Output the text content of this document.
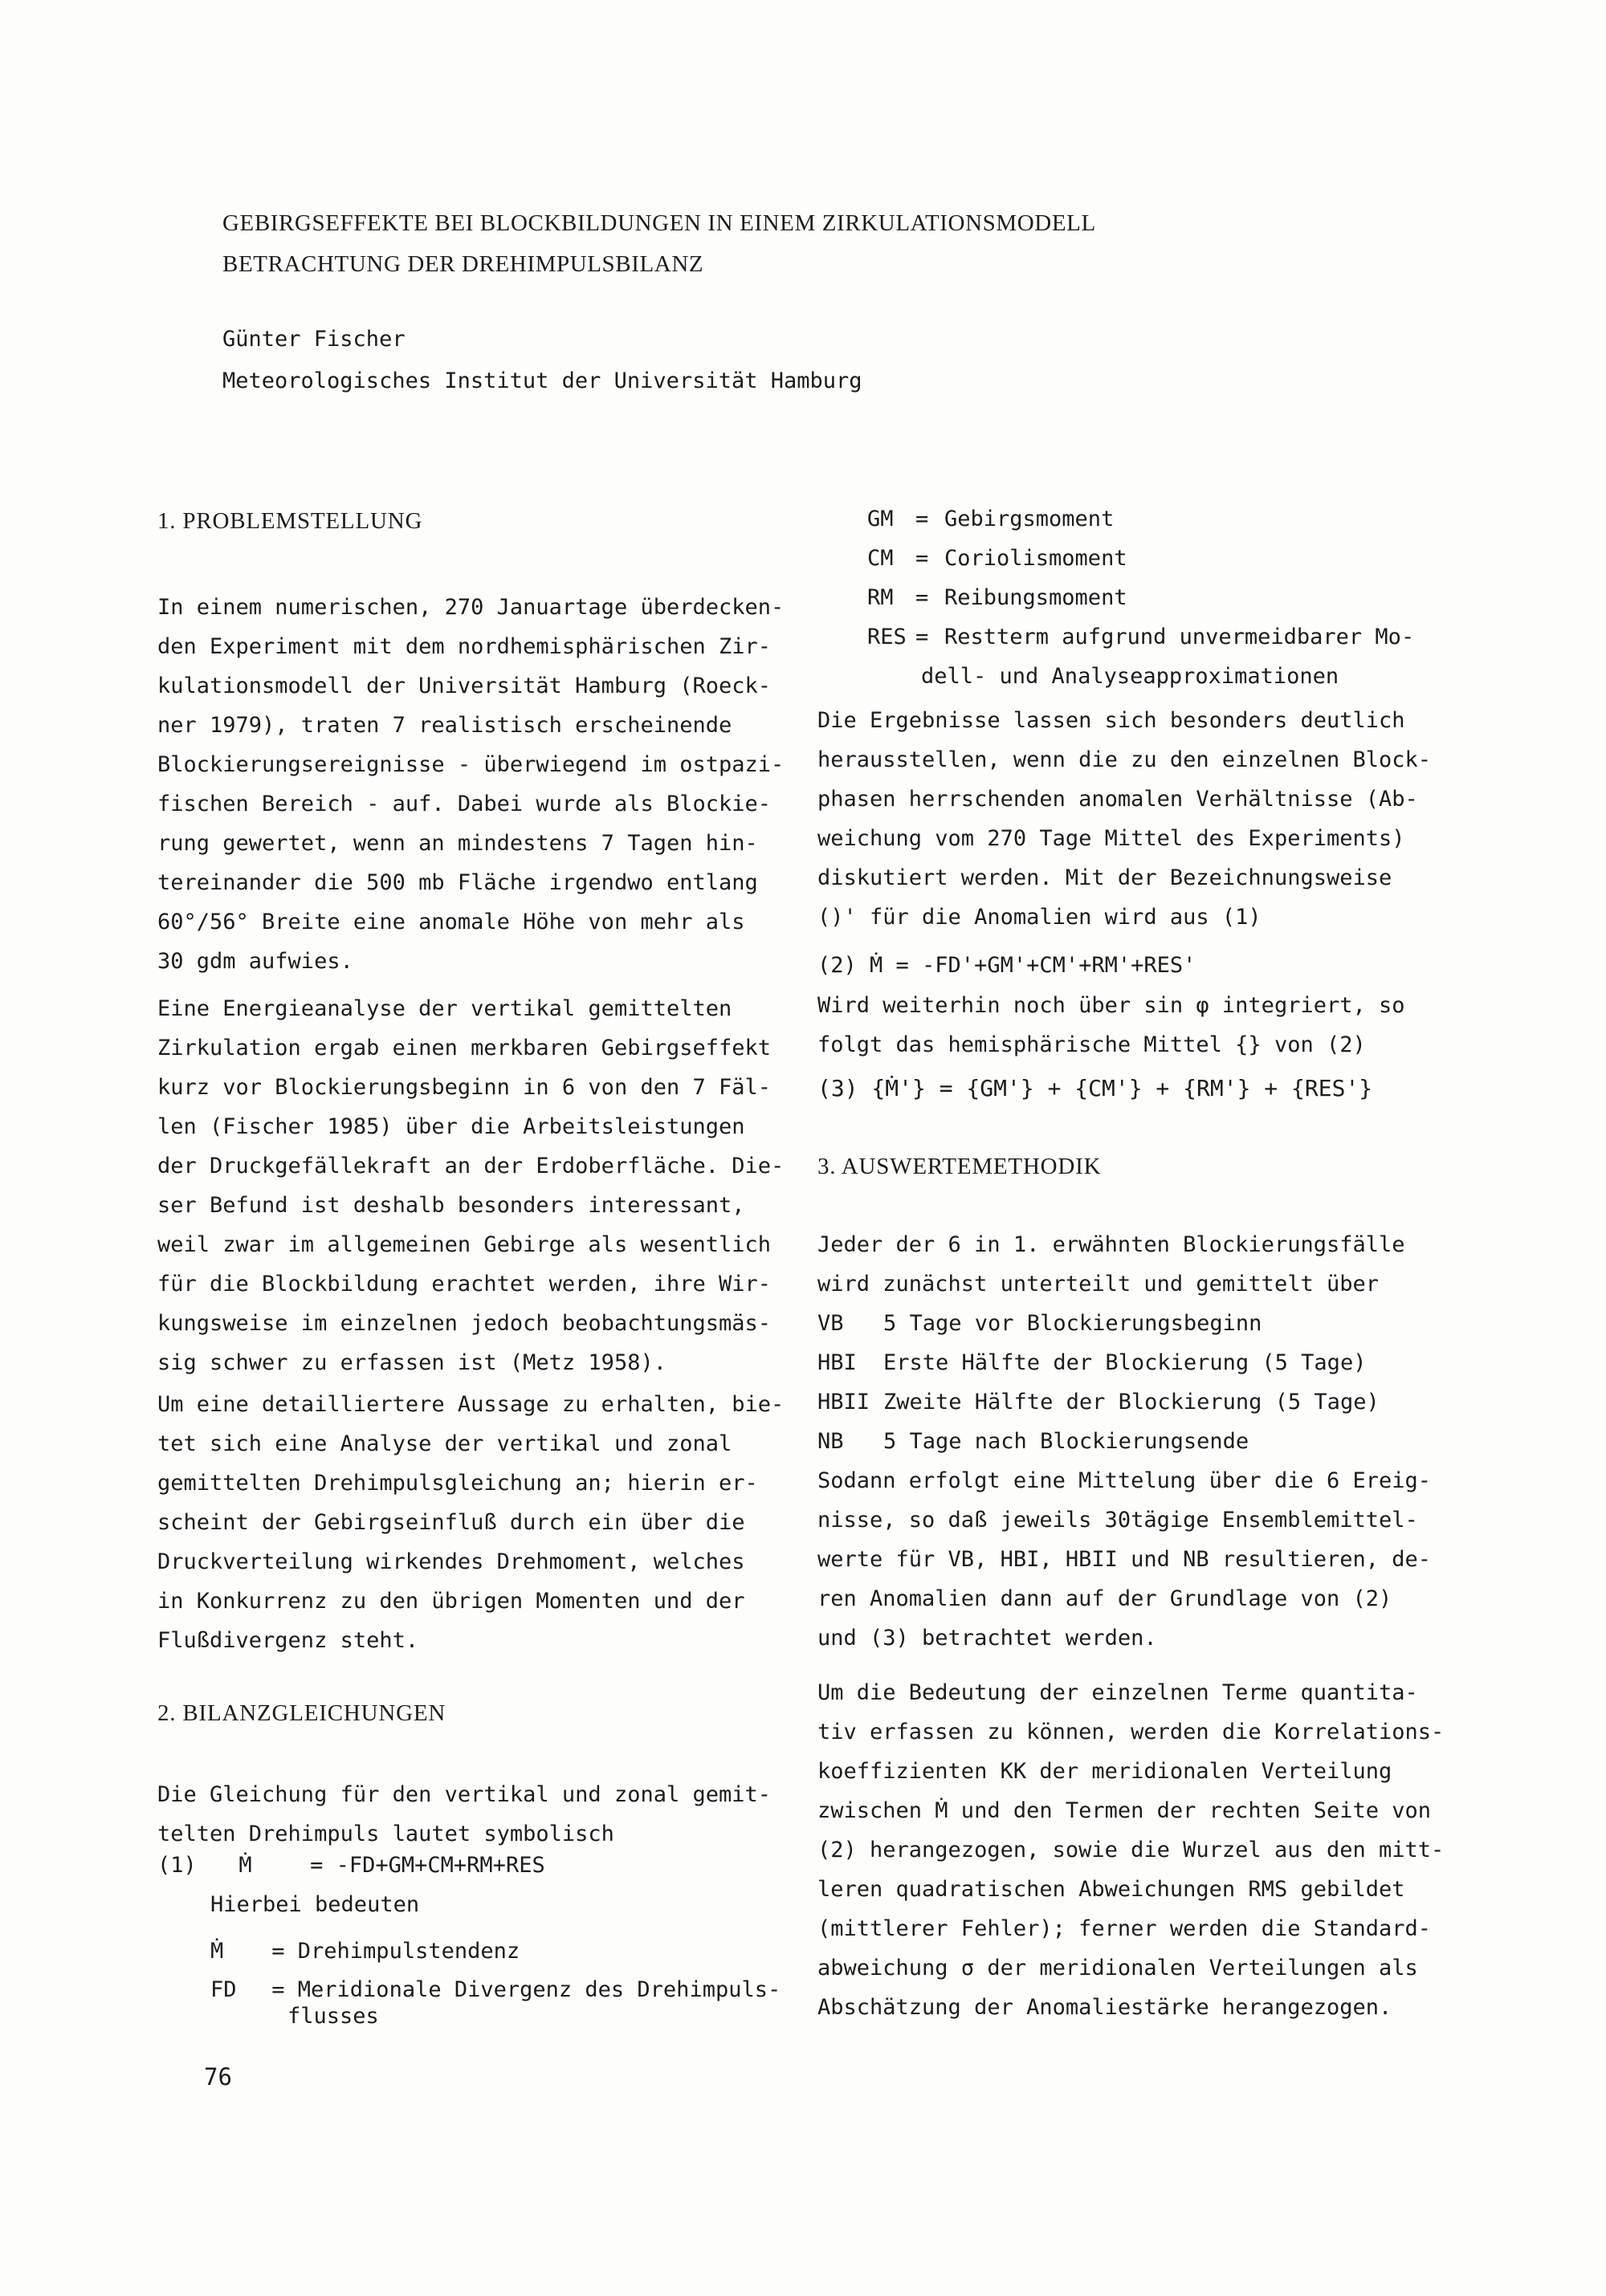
GEBIRGSEFFEKTE BEI BLOCKBILDUNGEN IN EINEM ZIRKULATIONSMODELL
BETRACHTUNG DER DREHIMPULSBILANZ
Günter Fischer
Meteorologisches Institut der Universität Hamburg
1. PROBLEMSTELLUNG
In einem numerischen, 270 Januartage überdecken-
den Experiment mit dem nordhemisphärischen Zir-
kulationsmodell der Universität Hamburg (Roeck-
ner 1979), traten 7 realistisch erscheinende
Blockierungsereignisse - überwiegend im ostpazi-
fischen Bereich - auf. Dabei wurde als Blockie-
rung gewertet, wenn an mindestens 7 Tagen hin-
tereinander die 500 mb Fläche irgendwo entlang
60°/56° Breite eine anomale Höhe von mehr als
30 gdm aufwies.
Eine Energieanalyse der vertikal gemittelten
Zirkulation ergab einen merkbaren Gebirgseffekt
kurz vor Blockierungsbeginn in 6 von den 7 Fäl-
len (Fischer 1985) über die Arbeitsleistungen
der Druckgefällekraft an der Erdoberfläche. Die-
ser Befund ist deshalb besonders interessant,
weil zwar im allgemeinen Gebirge als wesentlich
für die Blockbildung erachtet werden, ihre Wir-
kungsweise im einzelnen jedoch beobachtungsmäs-
sig schwer zu erfassen ist (Metz 1958).
Um eine detailliertere Aussage zu erhalten, bie-
tet sich eine Analyse der vertikal und zonal
gemittelten Drehimpulsgleichung an; hierin er-
scheint der Gebirgseinfluß durch ein über die
Druckverteilung wirkendes Drehmoment, welches
in Konkurrenz zu den übrigen Momenten und der
Flußdivergenz steht.
2. BILANZGLEICHUNGEN
Die Gleichung für den vertikal und zonal gemit-
telten Drehimpuls lautet symbolisch
(1) Ṁ	= -FD+GM+CM+RM+RES
Hierbei bedeuten
Ṁ = Drehimpulstendenz
FD = Meridionale Divergenz des Drehimpuls-
flusses
76
GM = Gebirgsmoment
CM = Coriolismoment
RM = Reibungsmoment
RES = Restterm aufgrund unvermeidbarer Mo-
dell- und Analyseapproximationen
Die Ergebnisse lassen sich besonders deutlich
herausstellen, wenn die zu den einzelnen Block-
phasen herrschenden anomalen Verhältnisse (Ab-
weichung vom 270 Tage Mittel des Experiments)
diskutiert werden. Mit der Bezeichnungsweise
()' für die Anomalien wird aus (1)
(2) Ṁ = -FD'+GM'+CM'+RM'+RES'
Wird weiterhin noch über sin φ integriert, so
folgt das hemisphärische Mittel {} von (2)
(3) {Ṁ'} = {GM'} + {CM'} + {RM'} + {RES'}
3. AUSWERTEMETHODIK
Jeder der 6 in 1. erwähnten Blockierungsfälle
wird zunächst unterteilt und gemittelt über
VB 5 Tage vor Blockierungsbeginn
HBI Erste Hälfte der Blockierung (5 Tage)
HBII Zweite Hälfte der Blockierung (5 Tage)
NB 5 Tage nach Blockierungsende
Sodann erfolgt eine Mittelung über die 6 Ereig-
nisse, so daß jeweils 30tägige Ensemblemittel-
werte für VB, HBI, HBII und NB resultieren, de-
ren Anomalien dann auf der Grundlage von (2)
und (3) betrachtet werden.
Um die Bedeutung der einzelnen Terme quantita-
tiv erfassen zu können, werden die Korrelations-
koeffizienten KK der meridionalen Verteilung
zwischen Ṁ und den Termen der rechten Seite von
(2) herangezogen, sowie die Wurzel aus den mitt-
leren quadratischen Abweichungen RMS gebildet
(mittlerer Fehler); ferner werden die Standard-
abweichung σ der meridionalen Verteilungen als
Abschätzung der Anomaliestärke herangezogen.
